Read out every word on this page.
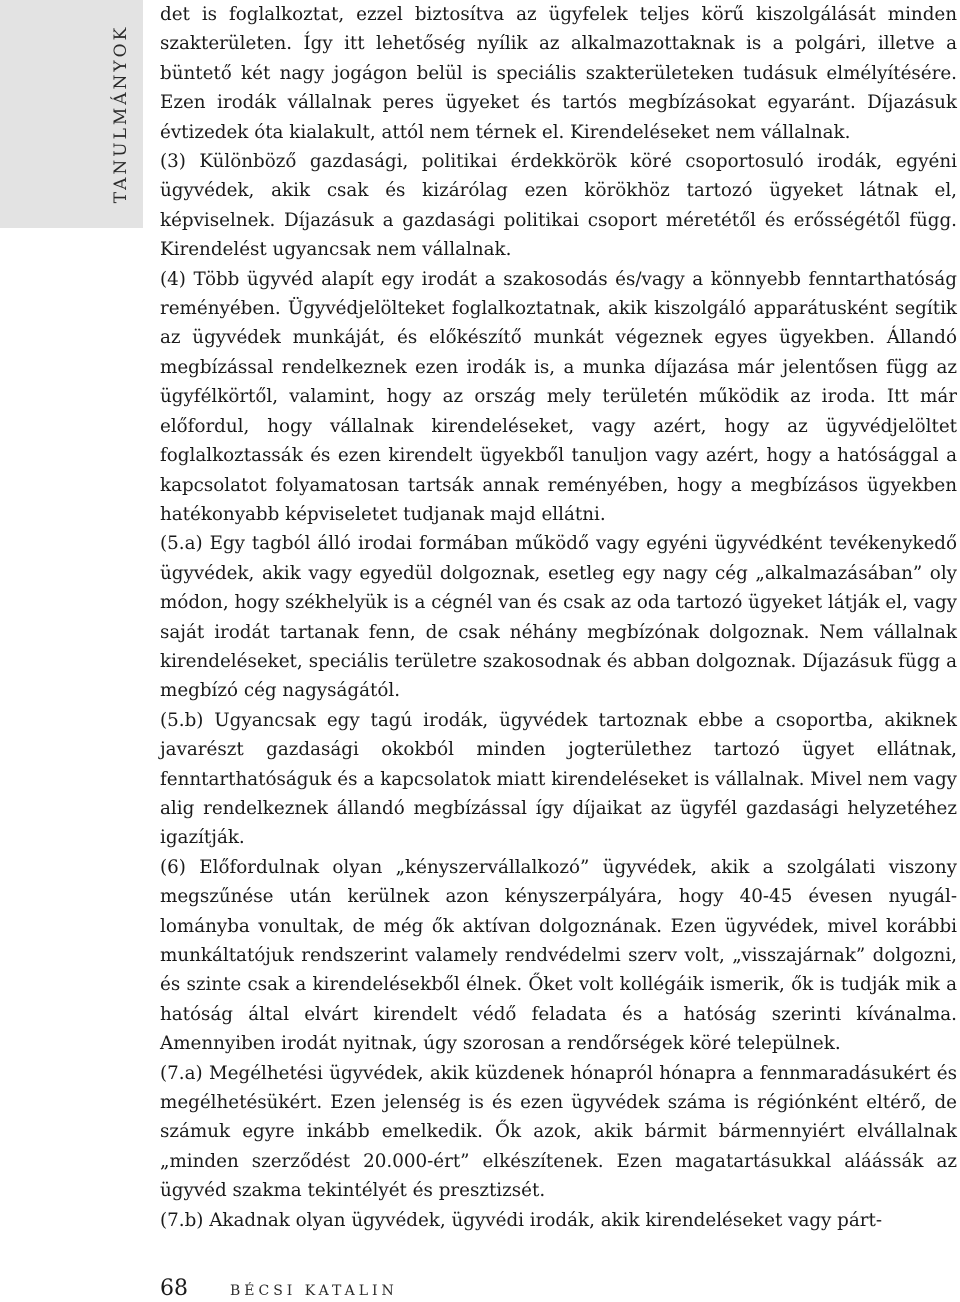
TANULMÁNYOK

det is foglalkoztat, ezzel biztosítva az ügyfelek teljes körű kiszolgálását minden szakterületen. Így itt lehetőség nyílik az alkalmazottaknak is a polgári, illetve a büntető két nagy jogágon belül is speciális szakterületeken tudásuk elmélyítésére. Ezen irodák vállalnak peres ügyeket és tartós megbízásokat egyaránt. Díjazásuk évtizedek óta kialakult, attól nem térnek el. Kirendeléseket nem vállalnak.

(3) Különböző gazdasági, politikai érdekkörök köré csoportosuló irodák, egyéni ügyvédek, akik csak és kizárólag ezen körökhöz tartozó ügyeket látnak el, képviselnek. Díjazásuk a gazdasági politikai csoport méretétől és erősségétől függ. Kirendelést ugyancsak nem vállalnak.

(4) Több ügyvéd alapít egy irodát a szakosodás és/vagy a könnyebb fenntarthatóság reményében. Ügyvédjelölteket foglalkoztatnak, akik kiszolgáló apparátusként segítik az ügyvédek munkáját, és előkészítő munkát végeznek egyes ügyekben. Állandó megbízással rendelkeznek ezen irodák is, a munka díjazása már jelentősen függ az ügyfélkörtől, valamint, hogy az ország mely területén működik az iroda. Itt már előfordul, hogy vállalnak kirendeléseket, vagy azért, hogy az ügyvédjelöltet foglalkoztassák és ezen kirendelt ügyekből tanuljon vagy azért, hogy a hatósággal a kapcsolatot folyamatosan tartsák annak reményében, hogy a megbízásos ügyekben hatékonyabb képviseletet tudjanak majd ellátni.

(5.a) Egy tagból álló irodai formában működő vagy egyéni ügyvédként tevékenykedő ügyvédek, akik vagy egyedül dolgoznak, esetleg egy nagy cég „alkalmazásában” oly módon, hogy székhelyük is a cégnél van és csak az oda tartozó ügyeket látják el, vagy saját irodát tartanak fenn, de csak néhány megbízónak dolgoznak. Nem vállalnak kirendeléseket, speciális területre szakosodnak és abban dolgoznak. Díjazásuk függ a megbízó cég nagyságától.

(5.b) Ugyancsak egy tagú irodák, ügyvédek tartoznak ebbe a csoportba, akiknek javarészt gazdasági okokból minden jogterülethez tartozó ügyet ellátnak, fenntarthatóságuk és a kapcsolatok miatt kirendeléseket is vállalnak. Mivel nem vagy alig rendelkeznek állandó megbízással így díjaikat az ügyfél gazdasági helyzetéhez igazítják.

(6) Előfordulnak olyan „kényszervállalkozó” ügyvédek, akik a szolgálati viszony megszűnése után kerülnek azon kényszerpályára, hogy 40-45 évesen nyugállományba vonultak, de még ők aktívan dolgoznának. Ezen ügyvédek, mivel korábbi munkáltatójuk rendszerint valamely rendvédelmi szerv volt, „visszajárnak” dolgozni, és szinte csak a kirendelésekből élnek. Őket volt kollégáik ismerik, ők is tudják mik a hatóság által elvárt kirendelt védő feladata és a hatóság szerinti kívánalma. Amennyiben irodát nyitnak, úgy szorosan a rendőrségek köré települnek.

(7.a) Megélhetési ügyvédek, akik küzdenek hónapról hónapra a fennmaradásukért és megélhetésükért. Ezen jelenség is és ezen ügyvédek száma is régiónként eltérő, de számuk egyre inkább emelkedik. Ők azok, akik bármit bármennyiért elvállalnak „minden szerződést 20.000-ért” elkészítenek. Ezen magatartásukkal aláássák az ügyvéd szakma tekintélyét és presztizsét.

(7.b) Akadnak olyan ügyvédek, ügyvédi irodák, akik kirendeléseket vagy párt-

68	BÉCSI KATALIN
